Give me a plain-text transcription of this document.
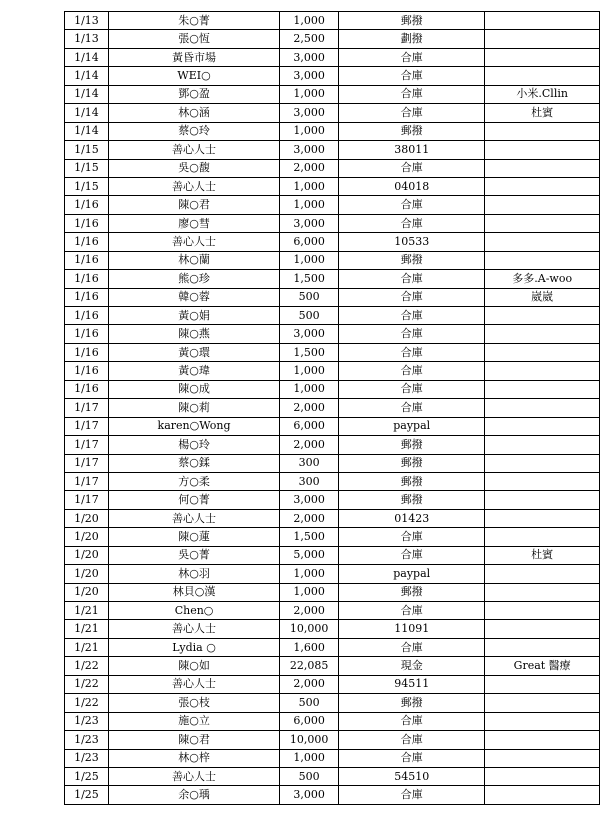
1/13	朱○菁	1,000	郵撥	
1/13	張○恆	2,500	劃撥	
1/14	黃昏市場	3,000	合庫	
1/14	WEI○	3,000	合庫	
1/14	鄧○盈	1,000	合庫	小米.Cllin
1/14	林○涵	3,000	合庫	杜賓
1/14	蔡○玲	1,000	郵撥	
1/15	善心人士	3,000	38011	
1/15	吳○馥	2,000	合庫	
1/15	善心人士	1,000	04018	
1/16	陳○君	1,000	合庫	
1/16	廖○彗	3,000	合庫	
1/16	善心人士	6,000	10533	
1/16	林○蘭	1,000	郵撥	
1/16	熊○珍	1,500	合庫	多多.A-woo
1/16	韓○蓉	500	合庫	崴崴
1/16	黃○娟	500	合庫	
1/16	陳○燕	3,000	合庫	
1/16	黃○環	1,500	合庫	
1/16	黃○瑋	1,000	合庫	
1/16	陳○成	1,000	合庫	
1/17	陳○莉	2,000	合庫	
1/17	karen○Wong	6,000	paypal	
1/17	楊○玲	2,000	郵撥	
1/17	蔡○鍒	300	郵撥	
1/17	方○柔	300	郵撥	
1/17	何○菁	3,000	郵撥	
1/20	善心人士	2,000	01423	
1/20	陳○蓮	1,500	合庫	
1/20	吳○菁	5,000	合庫	杜賓
1/20	林○羽	1,000	paypal	
1/20	林貝○漢	1,000	郵撥	
1/21	Chen○	2,000	合庫	
1/21	善心人士	10,000	11091	
1/21	Lydia ○	1,600	合庫	
1/22	陳○如	22,085	現金	Great 醫療
1/22	善心人士	2,000	94511	
1/22	張○枝	500	郵撥	
1/23	施○立	6,000	合庫	
1/23	陳○君	10,000	合庫	
1/23	林○梓	1,000	合庫	
1/25	善心人士	500	54510	
1/25	余○瑀	3,000	合庫	
